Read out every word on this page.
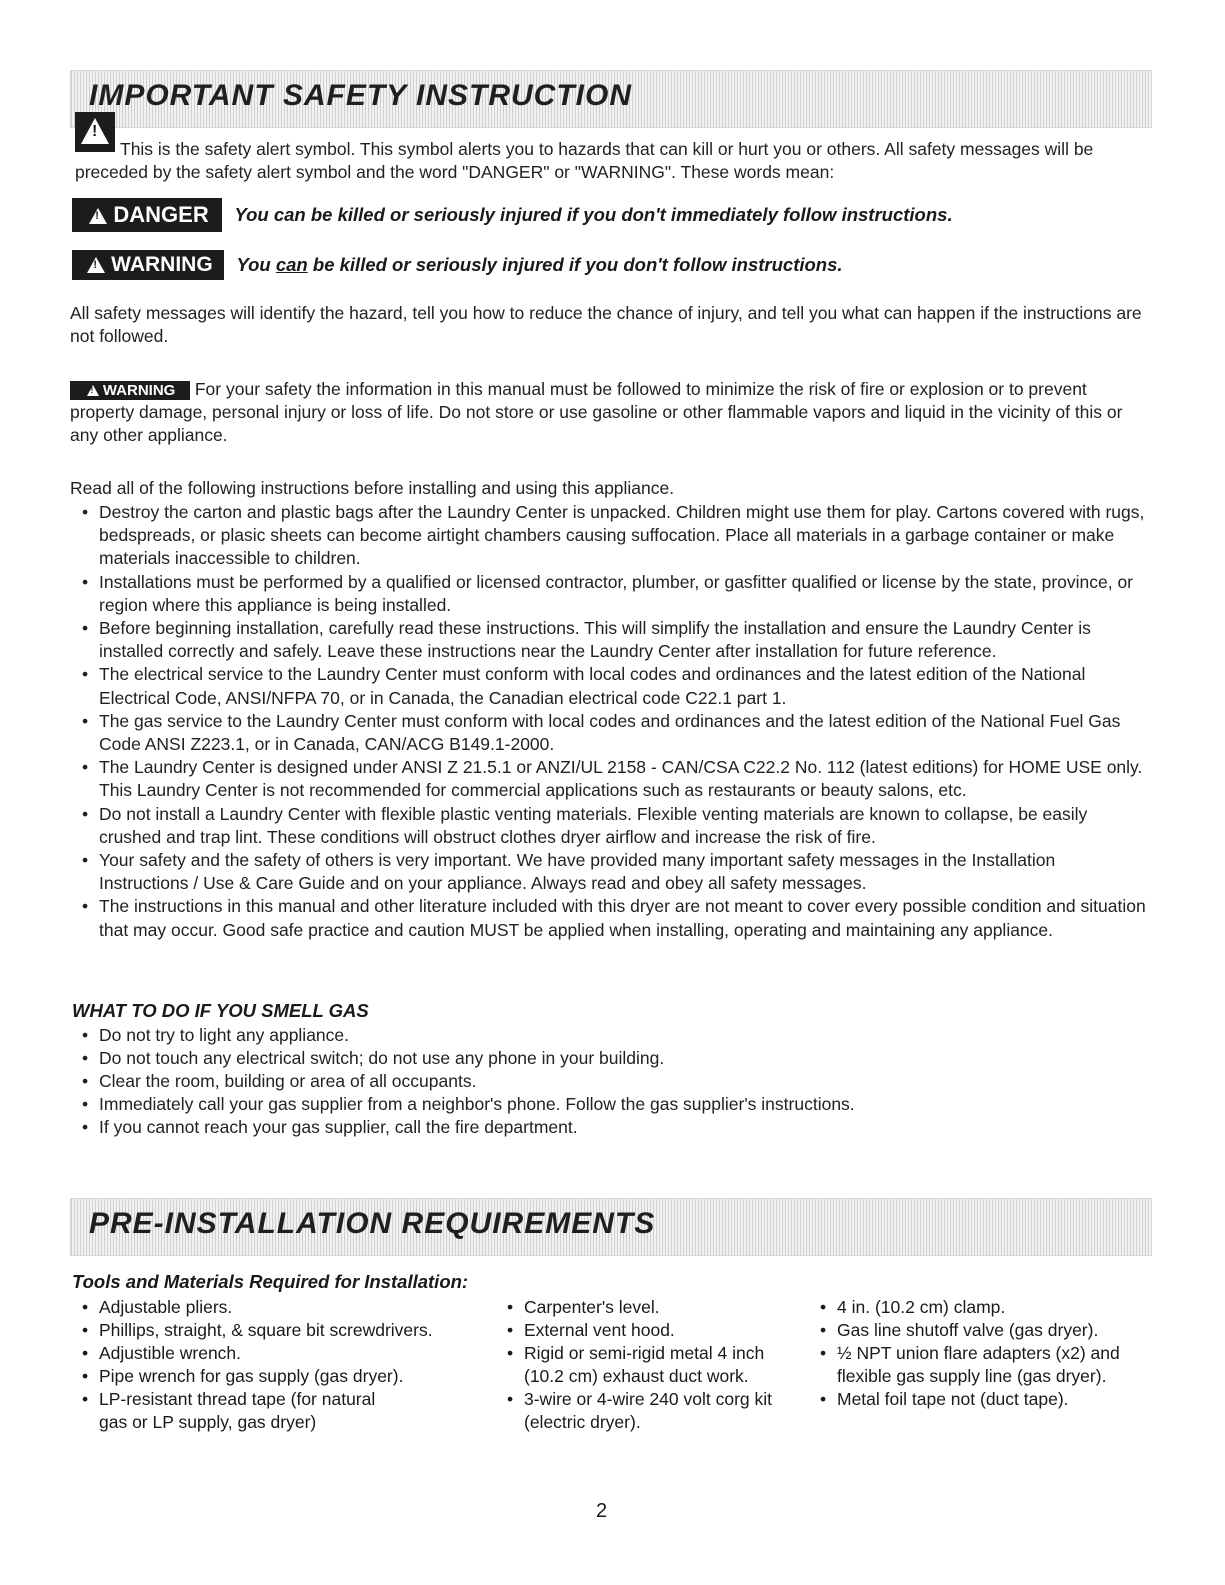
IMPORTANT SAFETY INSTRUCTION
!
This is the safety alert symbol. This symbol alerts you to hazards that can kill or hurt you or others. All safety messages will be preceded by the safety alert symbol and the word "DANGER" or "WARNING". These words mean:
! DANGER You can be killed or seriously injured if you don't immediately follow instructions.
! WARNING You can be killed or seriously injured if you don't follow instructions.
All safety messages will identify the hazard, tell you how to reduce the chance of injury, and tell you what can happen if the instructions are not followed.
! WARNING For your safety the information in this manual must be followed to minimize the risk of fire or explosion or to prevent property damage, personal injury or loss of life. Do not store or use gasoline or other flammable vapors and liquid in the vicinity of this or any other appliance.
Read all of the following instructions before installing and using this appliance.
• Destroy the carton and plastic bags after the Laundry Center is unpacked. Children might use them for play. Cartons covered with rugs, bedspreads, or plasic sheets can become airtight chambers causing suffocation. Place all materials in a garbage container or make materials inaccessible to children.
• Installations must be performed by a qualified or licensed contractor, plumber, or gasfitter qualified or license by the state, province, or region where this appliance is being installed.
• Before beginning installation, carefully read these instructions. This will simplify the installation and ensure the Laundry Center is installed correctly and safely. Leave these instructions near the Laundry Center after installation for future reference.
• The electrical service to the Laundry Center must conform with local codes and ordinances and the latest edition of the National Electrical Code, ANSI/NFPA 70, or in Canada, the Canadian electrical code C22.1 part 1.
• The gas service to the Laundry Center must conform with local codes and ordinances and the latest edition of the National Fuel Gas Code ANSI Z223.1, or in Canada, CAN/ACG B149.1-2000.
• The Laundry Center is designed under ANSI Z 21.5.1 or ANZI/UL 2158 - CAN/CSA C22.2 No. 112 (latest editions) for HOME USE only. This Laundry Center is not recommended for commercial applications such as restaurants or beauty salons, etc.
• Do not install a Laundry Center with flexible plastic venting materials. Flexible venting materials are known to collapse, be easily crushed and trap lint. These conditions will obstruct clothes dryer airflow and increase the risk of fire.
• Your safety and the safety of others is very important. We have provided many important safety messages in the Installation Instructions / Use & Care Guide and on your appliance. Always read and obey all safety messages.
• The instructions in this manual and other literature included with this dryer are not meant to cover every possible condition and situation that may occur. Good safe practice and caution MUST be applied when installing, operating and maintaining any appliance.
WHAT TO DO IF YOU SMELL GAS
• Do not try to light any appliance.
• Do not touch any electrical switch; do not use any phone in your building.
• Clear the room, building or area of all occupants.
• Immediately call your gas supplier from a neighbor's phone. Follow the gas supplier's instructions.
• If you cannot reach your gas supplier, call the fire department.
PRE-INSTALLATION REQUIREMENTS
Tools and Materials Required for Installation:
• Adjustable pliers.
• Phillips, straight, & square bit screwdrivers.
• Adjustible wrench.
• Pipe wrench for gas supply (gas dryer).
• LP-resistant thread tape (for natural gas or LP supply, gas dryer)
• Carpenter's level.
• External vent hood.
• Rigid or semi-rigid metal 4 inch (10.2 cm) exhaust duct work.
• 3-wire or 4-wire 240 volt corg kit (electric dryer).
• 4 in. (10.2 cm) clamp.
• Gas line shutoff valve (gas dryer).
• ½ NPT union flare adapters (x2) and flexible gas supply line (gas dryer).
• Metal foil tape not (duct tape).
2
